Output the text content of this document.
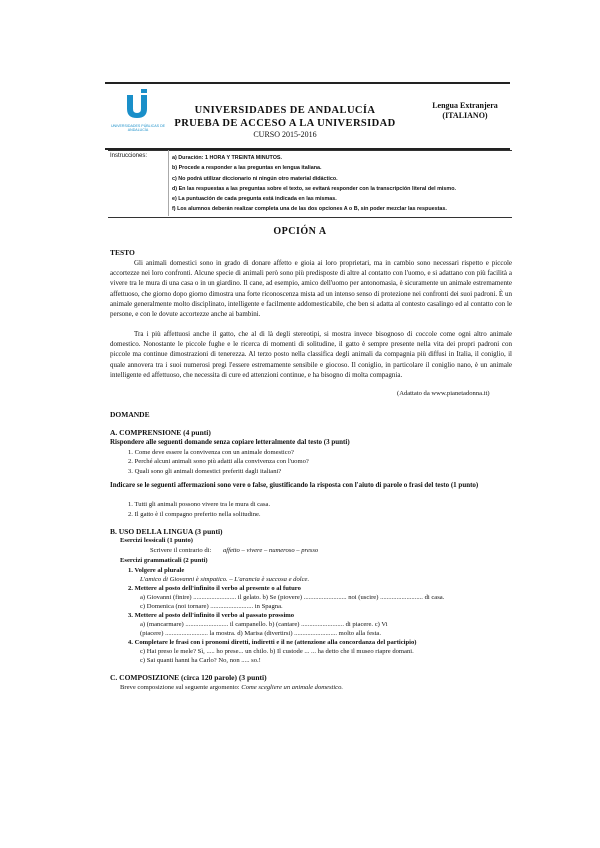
UNIVERSIDADES PÚBLICAS DE ANDALUCÍA
UNIVERSIDADES DE ANDALUCÍA
PRUEBA DE ACCESO A LA UNIVERSIDAD
CURSO 2015-2016
Lengua Extranjera
(ITALIANO)
Instrucciones:	a) Duración: 1 HORA Y TREINTA MINUTOS.
b) Procede a responder a las preguntas en lengua italiana.
c) No podrá utilizar diccionario ni ningún otro material didáctico.
d) En las respuestas a las preguntas sobre el texto, se evitará responder con la transcripción literal del mismo.
e) La puntuación de cada pregunta está indicada en las mismas.
f) Los alumnos deberán realizar completa una de las dos opciones A o B, sin poder mezclar las respuestas.
OPCIÓN A
TESTO
Gli animali domestici sono in grado di donare affetto e gioia ai loro proprietari, ma in cambio sono necessari rispetto e piccole accortezze nei loro confronti. Alcune specie di animali però sono più predisposte di altre al contatto con l'uomo, e si adattano con più facilità a vivere tra le mura di una casa o in un giardino. Il cane, ad esempio, amico dell'uomo per antonomasia, è sicuramente un animale estremamente affettuoso, che giorno dopo giorno dimostra una forte riconoscenza mista ad un intenso senso di protezione nei confronti dei suoi padroni. È un animale generalmente molto disciplinato, intelligente e facilmente addomesticabile, che ben si adatta al contesto casalingo ed al contatto con le persone, e con le dovute accortezze anche ai bambini.
Tra i più affettuosi anche il gatto, che al di là degli stereotipi, si mostra invece bisognoso di coccole come ogni altro animale domestico. Nonostante le piccole fughe e le ricerca di momenti di solitudine, il gatto è sempre presente nella vita dei propri padroni con piccole ma continue dimostrazioni di tenerezza. Al terzo posto nella classifica degli animali da compagnia più diffusi in Italia, il coniglio, il quale annovera tra i suoi numerosi pregi l'essere estremamente sensibile e giocoso. Il coniglio, in particolare il coniglio nano, è un animale intelligente ed affettuoso, che necessita di cure ed attenzioni continue, e ha bisogno di molta compagnia.
(Adattato da www.pianetadonna.it)
DOMANDE
A. COMPRENSIONE (4 punti)
Rispondere alle seguenti domande senza copiare letteralmente dal testo (3 punti)
1. Come deve essere la convivenza con un animale domestico?
2. Perché alcuni animali sono più adatti alla convivenza con l'uomo?
3. Quali sono gli animali domestici preferiti dagli italiani?
Indicare se le seguenti affermazioni sono vere o false, giustificando la risposta con l'aiuto di parole o frasi del testo (1 punto)
1. Tutti gli animali possono vivere tra le mura di casa.
2. Il gatto è il compagno preferito nella solitudine.
B. USO DELLA LINGUA (3 punti)
Esercizi lessicali (1 punto)
Scrivere il contrario di: affetto – vivere – numeroso – presso
Esercizi grammaticali (2 punti)
1. Volgere al plurale
L'amico di Giovanni è simpatico. – L'arancia è succosa e dolce.
2. Mettere al posto dell'infinito il verbo al presente o al futuro
a) Giovanni (finire) .......................... il gelato. b) Se (piovere) .......................... noi (uscire) .......................... di casa.
c) Domenica (noi tornare) .......................... in Spagna.
3. Mettere al posto dell'infinito il verbo al passato prossimo
a) (mancarmare) .......................... il campanello. b) (cantare) .......................... di piacere. c) Vi
(piacere) .......................... la mostra. d) Marisa (divertirsi) .......................... molto alla festa.
4. Completare le frasi con i pronomi diretti, indiretti e il ne (attenzione alla concordanza del participio)
c) Hai preso le mele? Sì, ..... ho prese... un chilo. b) Il custode ... ... ha detto che il museo riapre domani.
c) Sai quanti hanni ha Carlo? No, non ..... so.!
C. COMPOSIZIONE (circa 120 parole) (3 punti)
Breve composizione sul seguente argomento: Come scegliere un animale domestico.
